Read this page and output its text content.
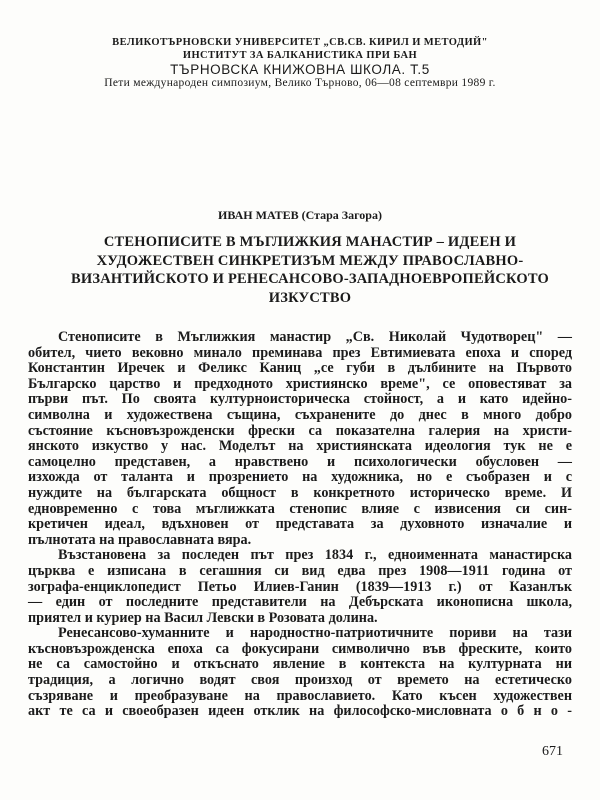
ВЕЛИКОТЪРНОВСКИ УНИВЕРСИТЕТ „СВ.СВ. КИРИЛ И МЕТОДИЙ"
ИНСТИТУТ ЗА БАЛКАНИСТИКА ПРИ БАН
ТЪРНОВСКА КНИЖОВНА ШКОЛА. Т.5
Пети международен симпозиум, Велико Търново, 06—08 септември 1989 г.
ИВАН МАТЕВ (Стара Загора)
СТЕНОПИСИТЕ В МЪГЛИЖКИЯ МАНАСТИР – ИДЕЕН И
ХУДОЖЕСТВЕН СИНКРЕТИЗЪМ МЕЖДУ ПРАВОСЛАВНО-
ВИЗАНТИЙСКОТО И РЕНЕСАНСОВО-ЗАПАДНОЕВРОПЕЙСКОТО
ИЗКУСТВО
Стенописите в Мъглижкия манастир „Св. Николай Чудотворец" —
обител, чието вековно минало преминава през Евтимиевата епоха и според
Константин Иречек и Феликс Каниц „се губи в дълбините на Първото
Българско царство и предходното християнско време", се оповестяват за
първи път. По своята културноисторическа стойност, а и като идейно-
символна и художествена същина, съхранените до днес в много добро
състояние късновъзрожденски фрески са показателна галерия на христи-
янското изкуство у нас. Моделът на християнската идеология тук не е
самоцелно представен, а нравствено и психологически обусловен —
изхожда от таланта и прозрението на художника, но е съобразен и с
нуждите на българската общност в конкретното историческо време. И
едновременно с това мъглижката стенопис влияе с извисения си син-
кретичен идеал, вдъхновен от представата за духовното изначалие и
пълнотата на православната вяра.
Възстановена за последен път през 1834 г., едноименната манастирска
църква е изписана в сегашния си вид едва през 1908—1911 година от
зографа-енциклопедист Петьо Илиев-Ганин (1839—1913 г.) от Казанлък
— един от последните представители на Дебърската иконописна школа,
приятел и куриер на Васил Левски в Розовата долина.
Ренесансово-хуманните и народностно-патриотичните пориви на тази
късновъзрожденска епоха са фокусирани символично във фреските, които
не са самостойно и откъснато явление в контекста на културната ни
традиция, а логично водят своя произход от времето на естетическо
съзряване и преобразуване на православието. Като късен художествен
акт те са и своеобразен идеен отклик на философско-мисловната о б н о -
671
